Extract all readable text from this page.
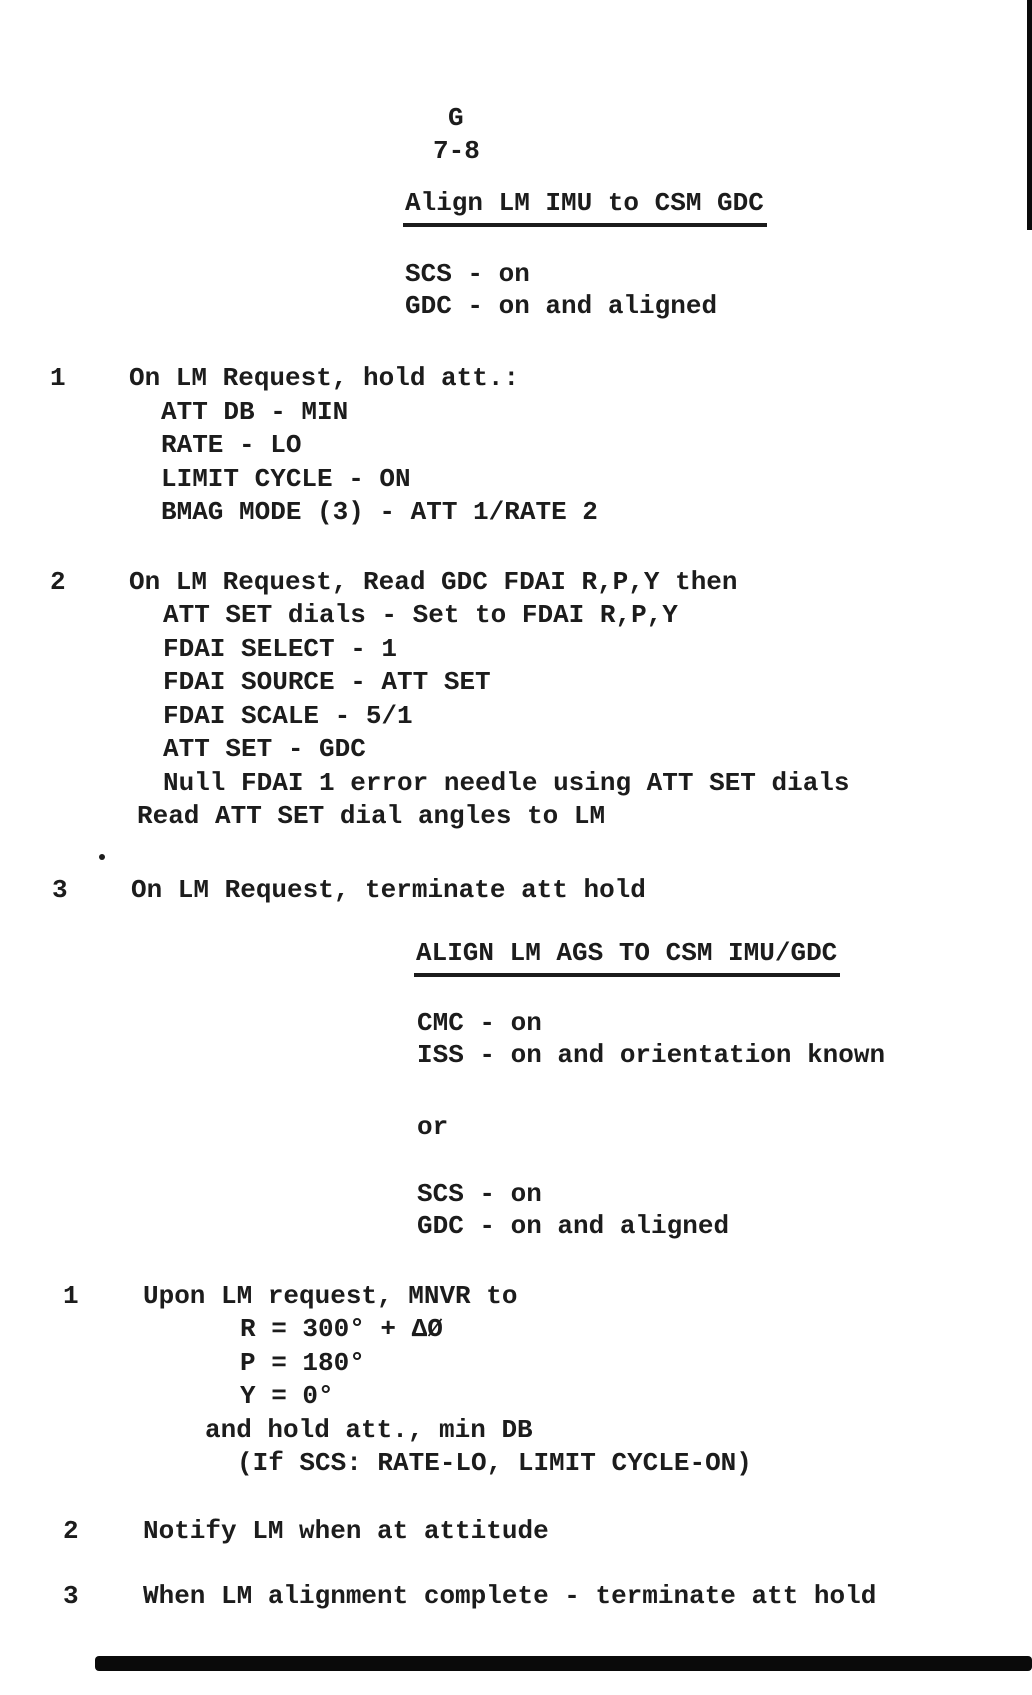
G
7-8
Align LM IMU to CSM GDC
SCS - on
GDC - on and aligned
1 On LM Request, hold att.:
ATT DB - MIN
RATE - LO
LIMIT CYCLE - ON
BMAG MODE (3) - ATT 1/RATE 2
2 On LM Request, Read GDC FDAI R,P,Y then
ATT SET dials - Set to FDAI R,P,Y
FDAI SELECT - 1
FDAI SOURCE - ATT SET
FDAI SCALE - 5/1
ATT SET - GDC
Null FDAI 1 error needle using ATT SET dials
Read ATT SET dial angles to LM
3 On LM Request, terminate att hold
ALIGN LM AGS TO CSM IMU/GDC
CMC - on
ISS - on and orientation known
or
SCS - on
GDC - on and aligned
1 Upon LM request, MNVR to
R = 300° + ΔØ
P = 180°
Y = 0°
and hold att., min DB
(If SCS: RATE-LO, LIMIT CYCLE-ON)
2 Notify LM when at attitude
3 When LM alignment complete - terminate att hold
